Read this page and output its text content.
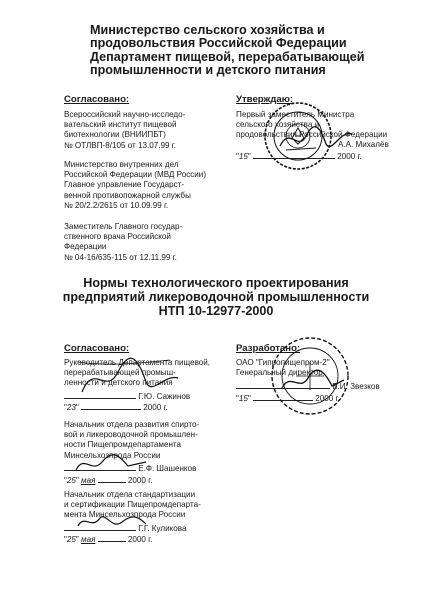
Министерство сельского хозяйства и
продовольствия Российской Федерации
Департамент пищевой, перерабатывающей
промышленности и детского питания
Согласовано:
Всероссийский научно-исследо-
вательский институт пищевой
биотехнологии (ВНИИПБТ)
№ ОТЛВП-8/105 от 13.07.99 г.
Министерство внутренних дел
Российской Федерации (МВД России)
Главное управление Государст-
венной противопожарной службы
№ 20/2.2/2615 от 10.09.99 г.
Заместитель Главного государ-
ственного врача Российской
Федерации
№ 04-16/635-115 от 12.11.99 г.
Утверждаю:
Первый заместитель Министра
сельского хозяйства и
продовольствия Российской Федерации
А.А. Михалёв
"15"	2000 г.
Нормы технологического проектирования
предприятий ликероводочной промышленности
НТП 10-12977-2000
Согласовано:
Руководитель Департамента пищевой,
перерабатывающей промыш-
ленности и детского питания
Г.Ю. Сажинов
"23"	2000 г.
Начальник отдела развития спирто-
вой и ликероводочной промышлен-
ности Пищепромдепартамента
Минсельхозпрода России
Е.Ф. Шашенков
"25" мая	2000 г.
Начальник отдела стандартизации
и сертификации Пищепромдепарта-
мента Минсельхозпрода России
Г.Г. Куликова
"25" мая	2000 г.
Разработано:
ОАО "Гипропищепром-2"
Генеральный директор
Б.И. Звезков
"15"	2000 г.
